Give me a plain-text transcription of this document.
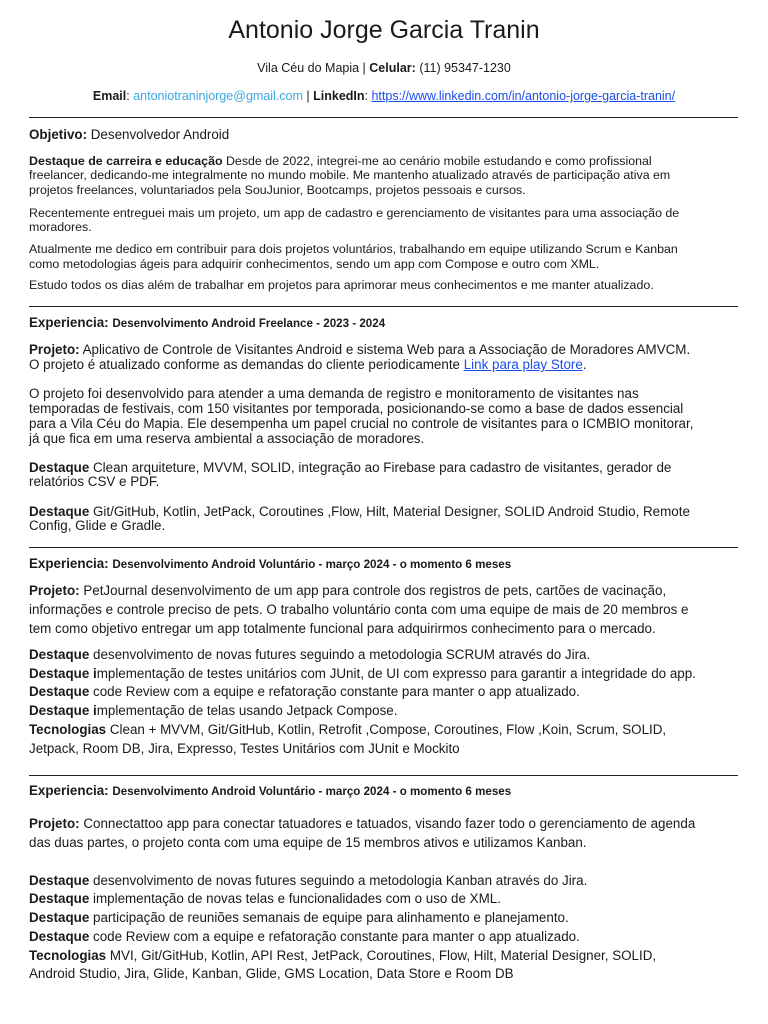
Antonio Jorge Garcia Tranin
Vila Céu do Mapia | Celular: (11) 95347-1230
Email: antoniotraninjorge@gmail.com | LinkedIn: https://www.linkedin.com/in/antonio-jorge-garcia-tranin/
Objetivo: Desenvolvedor Android
Destaque de carreira e educação Desde de 2022, integrei-me ao cenário mobile estudando e como profissional
freelancer, dedicando-me integralmente no mundo mobile. Me mantenho atualizado através de participação ativa em
projetos freelances, voluntariados pela SouJunior, Bootcamps, projetos pessoais e cursos.
Recentemente entreguei mais um projeto, um app de cadastro e gerenciamento de visitantes para uma associação de
moradores.
Atualmente me dedico em contribuir para dois projetos voluntários, trabalhando em equipe utilizando Scrum e Kanban
como metodologias ágeis para adquirir conhecimentos, sendo um app com Compose e outro com XML.
Estudo todos os dias além de trabalhar em projetos para aprimorar meus conhecimentos e me manter atualizado.
Experiencia: Desenvolvimento Android Freelance - 2023 - 2024
Projeto: Aplicativo de Controle de Visitantes Android e sistema Web para a Associação de Moradores AMVCM.
O projeto é atualizado conforme as demandas do cliente periodicamente Link para play Store.
O projeto foi desenvolvido para atender a uma demanda de registro e monitoramento de visitantes nas
temporadas de festivais, com 150 visitantes por temporada, posicionando-se como a base de dados essencial
para a Vila Céu do Mapia. Ele desempenha um papel crucial no controle de visitantes para o ICMBIO monitorar,
já que fica em uma reserva ambiental a associação de moradores.
Destaque Clean arquiteture, MVVM, SOLID, integração ao Firebase para cadastro de visitantes, gerador de
relatórios CSV e PDF.
Destaque Git/GitHub, Kotlin, JetPack, Coroutines ,Flow, Hilt, Material Designer, SOLID Android Studio, Remote
Config, Glide e Gradle.
Experiencia: Desenvolvimento Android Voluntário - março 2024 - o momento 6 meses
Projeto: PetJournal desenvolvimento de um app para controle dos registros de pets, cartões de vacinação,
informações e controle preciso de pets. O trabalho voluntário conta com uma equipe de mais de 20 membros e
tem como objetivo entregar um app totalmente funcional para adquirirmos conhecimento para o mercado.
Destaque desenvolvimento de novas futures seguindo a metodologia SCRUM através do Jira.
Destaque implementação de testes unitários com JUnit, de UI com expresso para garantir a integridade do app.
Destaque code Review com a equipe e refatoração constante para manter o app atualizado.
Destaque implementação de telas usando Jetpack Compose.
Tecnologias Clean + MVVM, Git/GitHub, Kotlin, Retrofit ,Compose, Coroutines, Flow ,Koin, Scrum, SOLID,
Jetpack, Room DB, Jira, Expresso, Testes Unitários com JUnit e Mockito
Experiencia: Desenvolvimento Android Voluntário - março 2024 - o momento 6 meses
Projeto: Connectattoo app para conectar tatuadores e tatuados, visando fazer todo o gerenciamento de agenda
das duas partes, o projeto conta com uma equipe de 15 membros ativos e utilizamos Kanban.
Destaque desenvolvimento de novas futures seguindo a metodologia Kanban através do Jira.
Destaque implementação de novas telas e funcionalidades com o uso de XML.
Destaque participação de reuniões semanais de equipe para alinhamento e planejamento.
Destaque code Review com a equipe e refatoração constante para manter o app atualizado.
Tecnologias MVI, Git/GitHub, Kotlin, API Rest, JetPack, Coroutines, Flow, Hilt, Material Designer, SOLID,
Android Studio, Jira, Glide, Kanban, Glide, GMS Location, Data Store e Room DB
